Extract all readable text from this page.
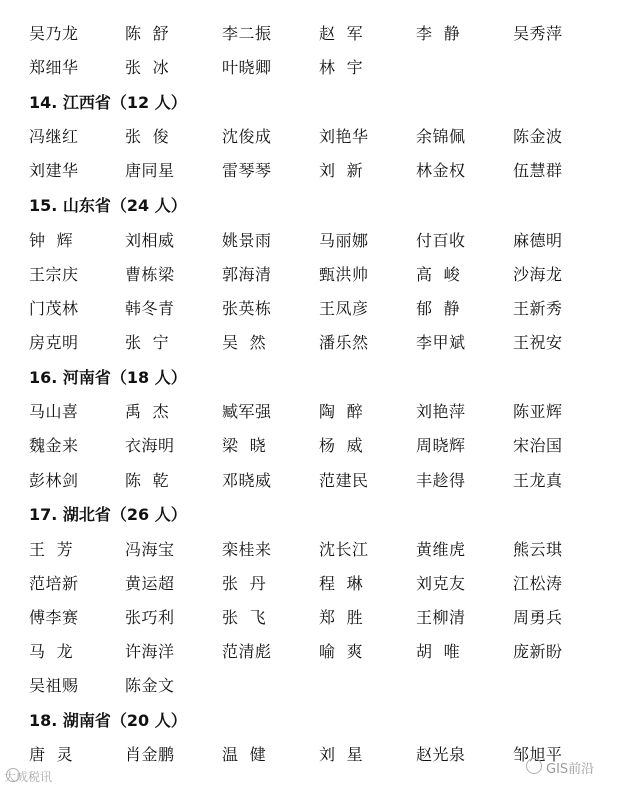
吴乃龙	陈  舒	李二振	赵  军	李  静	吴秀萍
郑细华	张  冰	叶晓卿	林  宇
14. 江西省（12 人）
冯继红	张  俊	沈俊成	刘艳华	余锦佩	陈金波
刘建华	唐同星	雷琴琴	刘  新	林金权	伍慧群
15. 山东省（24 人）
钟  辉	刘相威	姚景雨	马丽娜	付百收	麻德明
王宗庆	曹栋梁	郭海清	甄洪帅	高  峻	沙海龙
门茂林	韩冬青	张英栋	王凤彦	郁  静	王新秀
房克明	张  宁	吴  然	潘乐然	李甲斌	王祝安
16. 河南省（18 人）
马山喜	禹  杰	臧军强	陶  醉	刘艳萍	陈亚辉
魏金来	衣海明	梁  晓	杨  威	周晓辉	宋治国
彭林剑	陈  乾	邓晓威	范建民	丰趁得	王龙真
17. 湖北省（26 人）
王  芳	冯海宝	栾桂来	沈长江	黄维虎	熊云琪
范培新	黄运超	张  丹	程  琳	刘克友	江松涛
傅李赛	张巧利	张  飞	郑  胜	王柳清	周勇兵
马  龙	许海洋	范清彪	喻  爽	胡  唯	庞新盼
吴祖赐	陈金文
18. 湖南省（20 人）
唐  灵	肖金鹏	温  健	刘  星	赵光泉	邹旭平
大成税讯	GIS前沿
